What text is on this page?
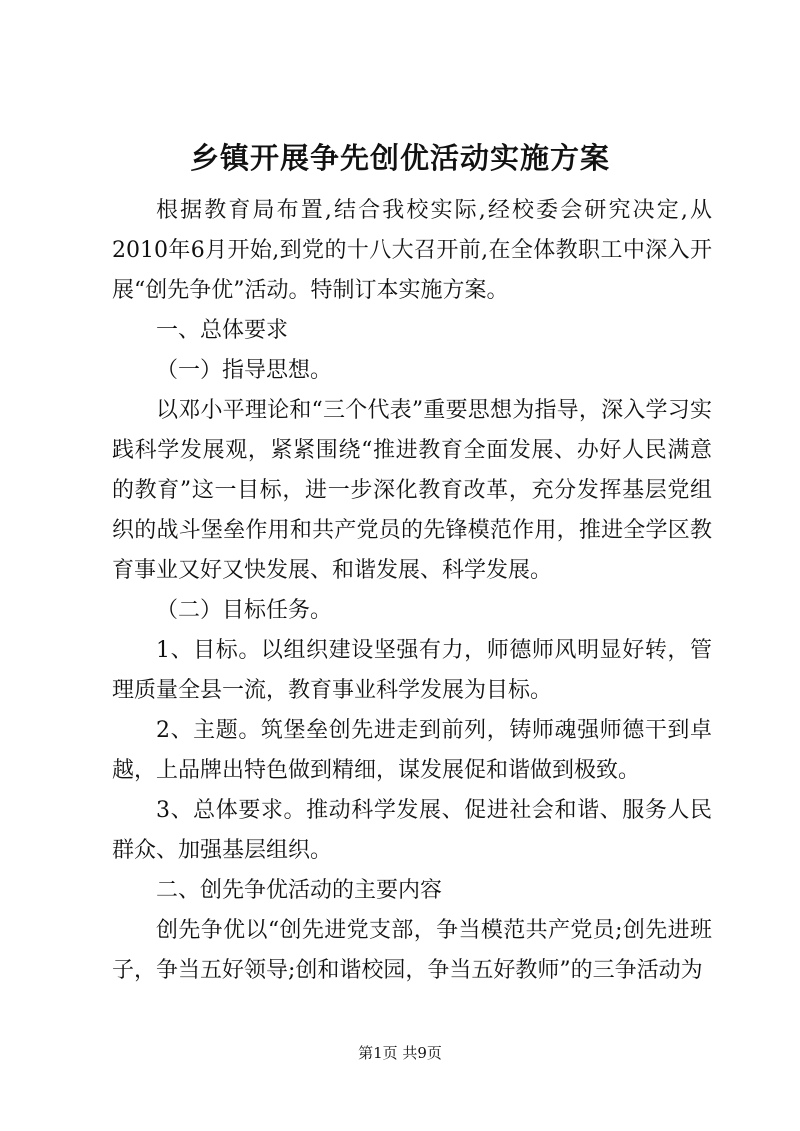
乡镇开展争先创优活动实施方案

根据教育局布置,结合我校实际,经校委会研究决定,从2010年6月开始,到党的十八大召开前,在全体教职工中深入开展“创先争优”活动。特制订本实施方案。

一、总体要求

（一）指导思想。

以邓小平理论和“三个代表”重要思想为指导，深入学习实践科学发展观，紧紧围绕“推进教育全面发展、办好人民满意的教育”这一目标，进一步深化教育改革，充分发挥基层党组织的战斗堡垒作用和共产党员的先锋模范作用，推进全学区教育事业又好又快发展、和谐发展、科学发展。

（二）目标任务。

1、目标。以组织建设坚强有力，师德师风明显好转，管理质量全县一流，教育事业科学发展为目标。

2、主题。筑堡垒创先进走到前列，铸师魂强师德干到卓越，上品牌出特色做到精细，谋发展促和谐做到极致。

3、总体要求。推动科学发展、促进社会和谐、服务人民群众、加强基层组织。

二、创先争优活动的主要内容

创先争优以“创先进党支部，争当模范共产党员;创先进班子，争当五好领导;创和谐校园，争当五好教师”的三争活动为

第1页 共9页
